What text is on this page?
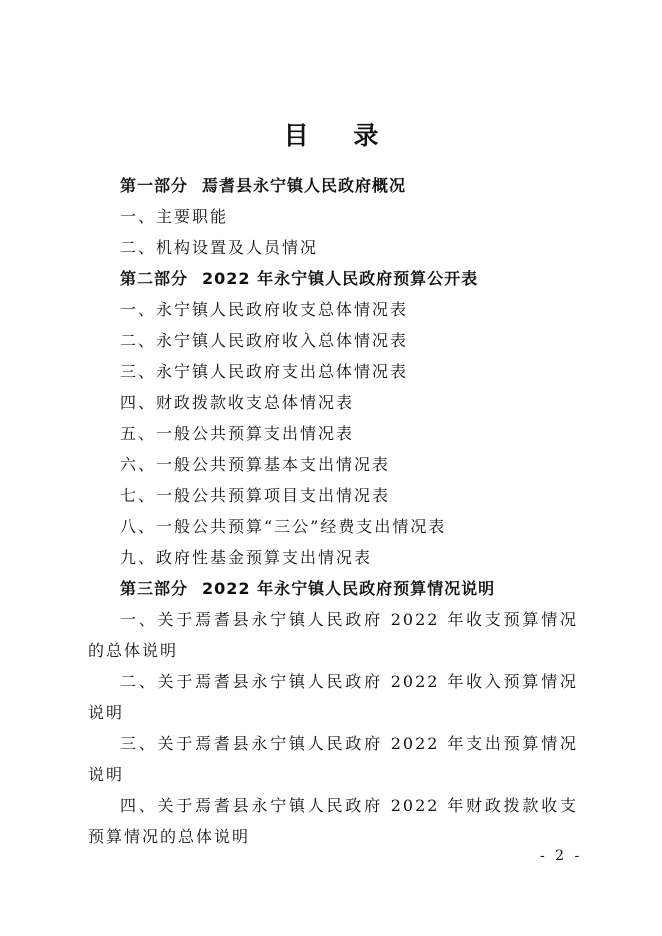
目 录
第一部分 焉耆县永宁镇人民政府概况
一、主要职能
二、机构设置及人员情况
第二部分 2022 年永宁镇人民政府预算公开表
一、永宁镇人民政府收支总体情况表
二、永宁镇人民政府收入总体情况表
三、永宁镇人民政府支出总体情况表
四、财政拨款收支总体情况表
五、一般公共预算支出情况表
六、一般公共预算基本支出情况表
七、一般公共预算项目支出情况表
八、一般公共预算“三公”经费支出情况表
九、政府性基金预算支出情况表
第三部分 2022 年永宁镇人民政府预算情况说明
一、关于焉耆县永宁镇人民政府 2022 年收支预算情况的总体说明
二、关于焉耆县永宁镇人民政府 2022 年收入预算情况说明
三、关于焉耆县永宁镇人民政府 2022 年支出预算情况说明
四、关于焉耆县永宁镇人民政府 2022 年财政拨款收支预算情况的总体说明
- 2 -
